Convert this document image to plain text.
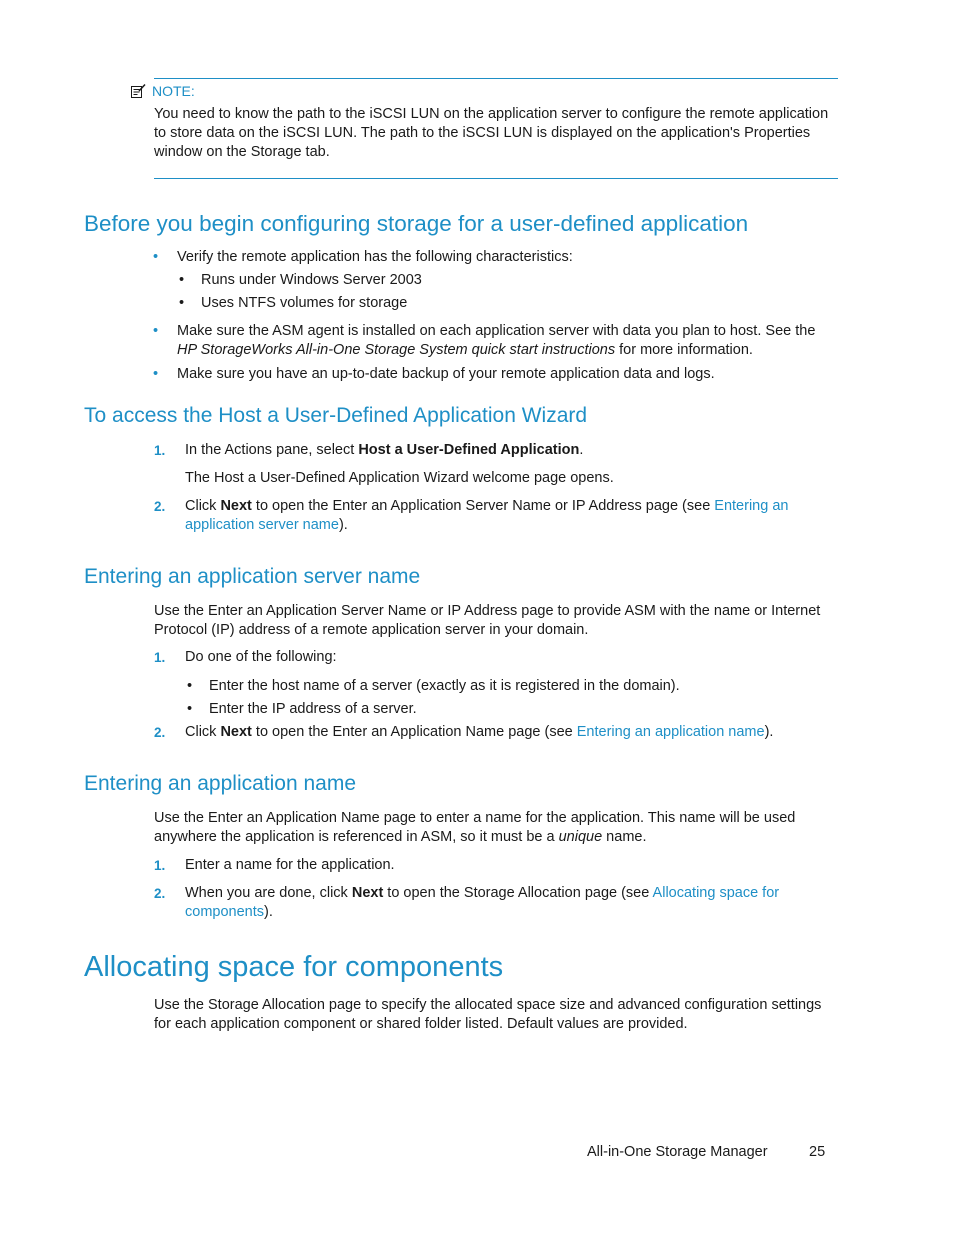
NOTE:
You need to know the path to the iSCSI LUN on the application server to configure the remote application to store data on the iSCSI LUN. The path to the iSCSI LUN is displayed on the application's Properties window on the Storage tab.
Before you begin configuring storage for a user-defined application
• Verify the remote application has the following characteristics:
• Runs under Windows Server 2003
• Uses NTFS volumes for storage
• Make sure the ASM agent is installed on each application server with data you plan to host. See the HP StorageWorks All-in-One Storage System quick start instructions for more information.
• Make sure you have an up-to-date backup of your remote application data and logs.
To access the Host a User-Defined Application Wizard
1. In the Actions pane, select Host a User-Defined Application.
The Host a User-Defined Application Wizard welcome page opens.
2. Click Next to open the Enter an Application Server Name or IP Address page (see Entering an application server name).
Entering an application server name
Use the Enter an Application Server Name or IP Address page to provide ASM with the name or Internet Protocol (IP) address of a remote application server in your domain.
1. Do one of the following:
• Enter the host name of a server (exactly as it is registered in the domain).
• Enter the IP address of a server.
2. Click Next to open the Enter an Application Name page (see Entering an application name).
Entering an application name
Use the Enter an Application Name page to enter a name for the application. This name will be used anywhere the application is referenced in ASM, so it must be a unique name.
1. Enter a name for the application.
2. When you are done, click Next to open the Storage Allocation page (see Allocating space for components).
Allocating space for components
Use the Storage Allocation page to specify the allocated space size and advanced configuration settings for each application component or shared folder listed. Default values are provided.
All-in-One Storage Manager	25
